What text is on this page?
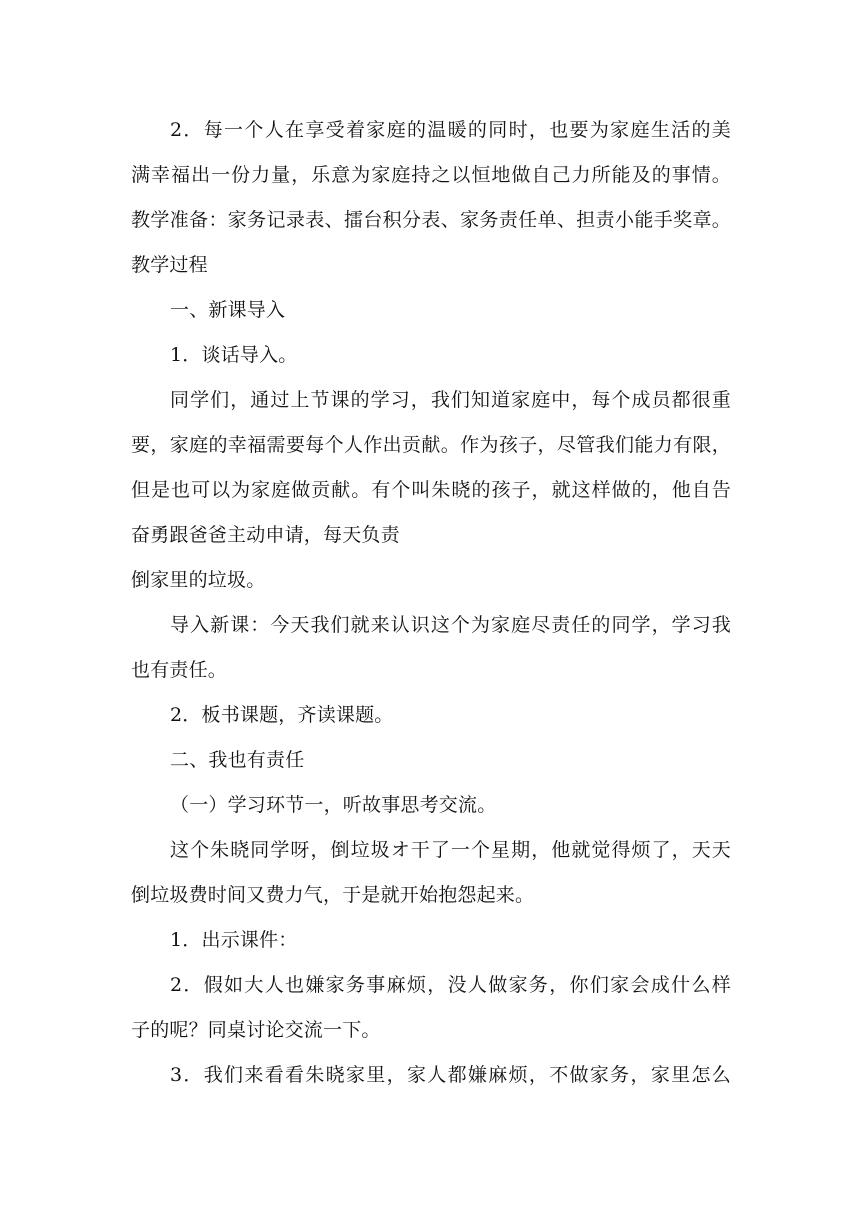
2．每一个人在享受着家庭的温暖的同时，也要为家庭生活的美
满幸福出一份力量，乐意为家庭持之以恒地做自己力所能及的事情。
教学准备：家务记录表、擂台积分表、家务责任单、担责小能手奖章。
教学过程
一、新课导入
1．谈话导入。
同学们，通过上节课的学习，我们知道家庭中，每个成员都很重
要，家庭的幸福需要每个人作出贡献。作为孩子，尽管我们能力有限，
但是也可以为家庭做贡献。有个叫朱晓的孩子，就这样做的，他自告
奋勇跟爸爸主动申请，每天负责
倒家里的垃圾。
导入新课：今天我们就来认识这个为家庭尽责任的同学，学习我
也有责任。
2．板书课题，齐读课题。
二、我也有责任
（一）学习环节一，听故事思考交流。
这个朱晓同学呀，倒垃圾オ干了一个星期，他就觉得烦了，天天
倒垃圾费时间又费力气，于是就开始抱怨起来。
1．出示课件：
2．假如大人也嫌家务事麻烦，没人做家务，你们家会成什么样
子的呢？同桌讨论交流一下。
3．我们来看看朱晓家里，家人都嫌麻烦，不做家务，家里怎么
